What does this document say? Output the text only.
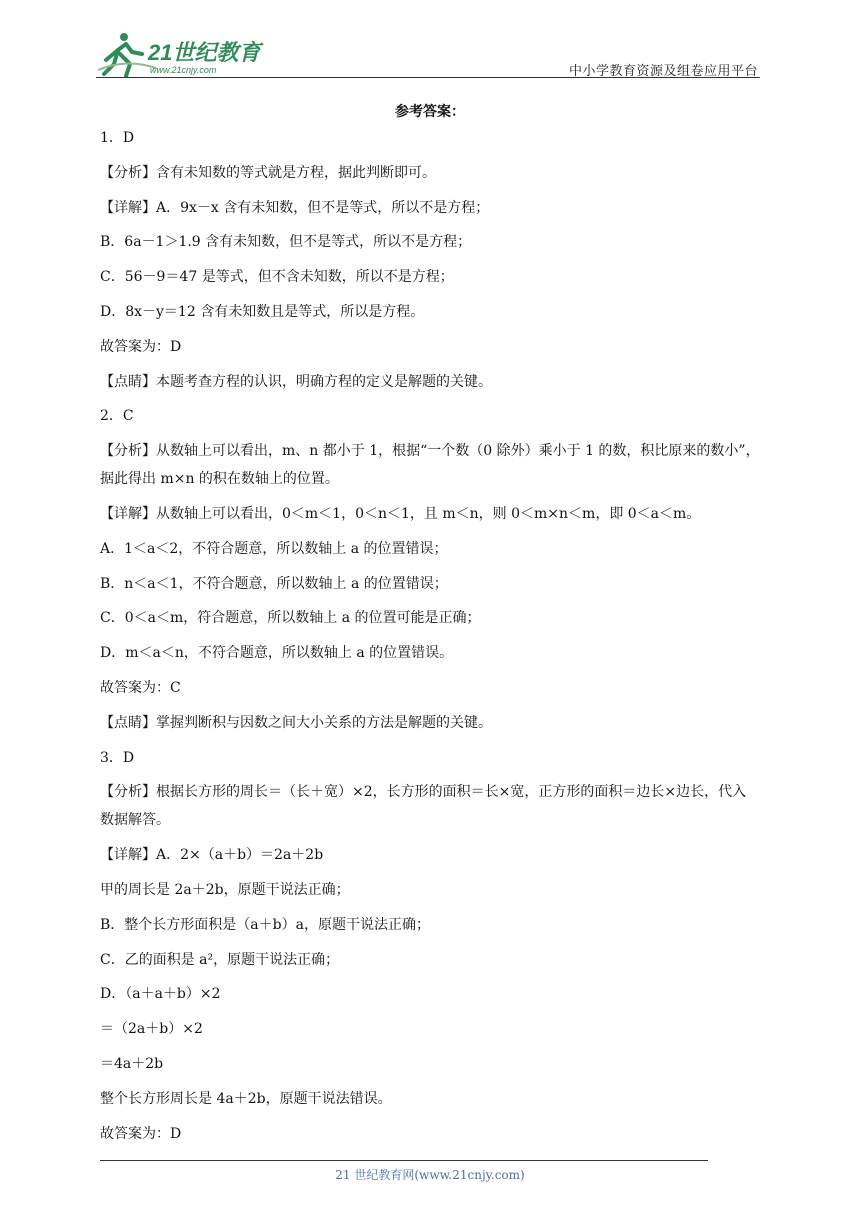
21世纪教育
www.21cnjy.com	中小学教育资源及组卷应用平台
参考答案：
1．D
【分析】含有未知数的等式就是方程，据此判断即可。
【详解】A．9x－x 含有未知数，但不是等式，所以不是方程；
B．6a－1＞1.9 含有未知数，但不是等式，所以不是方程；
C．56－9＝47 是等式，但不含未知数，所以不是方程；
D．8x－y＝12 含有未知数且是等式，所以是方程。
故答案为：D
【点睛】本题考查方程的认识，明确方程的定义是解题的关键。
2．C
【分析】从数轴上可以看出，m、n 都小于 1，根据“一个数（0 除外）乘小于 1 的数，积比原来的数小”，据此得出 m×n 的积在数轴上的位置。
【详解】从数轴上可以看出，0＜m＜1，0＜n＜1，且 m＜n，则 0＜m×n＜m，即 0＜a＜m。
A．1＜a＜2，不符合题意，所以数轴上 a 的位置错误；
B．n＜a＜1，不符合题意，所以数轴上 a 的位置错误；
C．0＜a＜m，符合题意，所以数轴上 a 的位置可能是正确；
D．m＜a＜n，不符合题意，所以数轴上 a 的位置错误。
故答案为：C
【点睛】掌握判断积与因数之间大小关系的方法是解题的关键。
3．D
【分析】根据长方形的周长＝（长＋宽）×2，长方形的面积＝长×宽，正方形的面积＝边长×边长，代入数据解答。
【详解】A．2×（a＋b）＝2a＋2b
甲的周长是 2a＋2b，原题干说法正确；
B．整个长方形面积是（a＋b）a，原题干说法正确；
C．乙的面积是 a²，原题干说法正确；
D．（a＋a＋b）×2
＝（2a＋b）×2
＝4a＋2b
整个长方形周长是 4a＋2b，原题干说法错误。
故答案为：D
21 世纪教育网(www.21cnjy.com)
